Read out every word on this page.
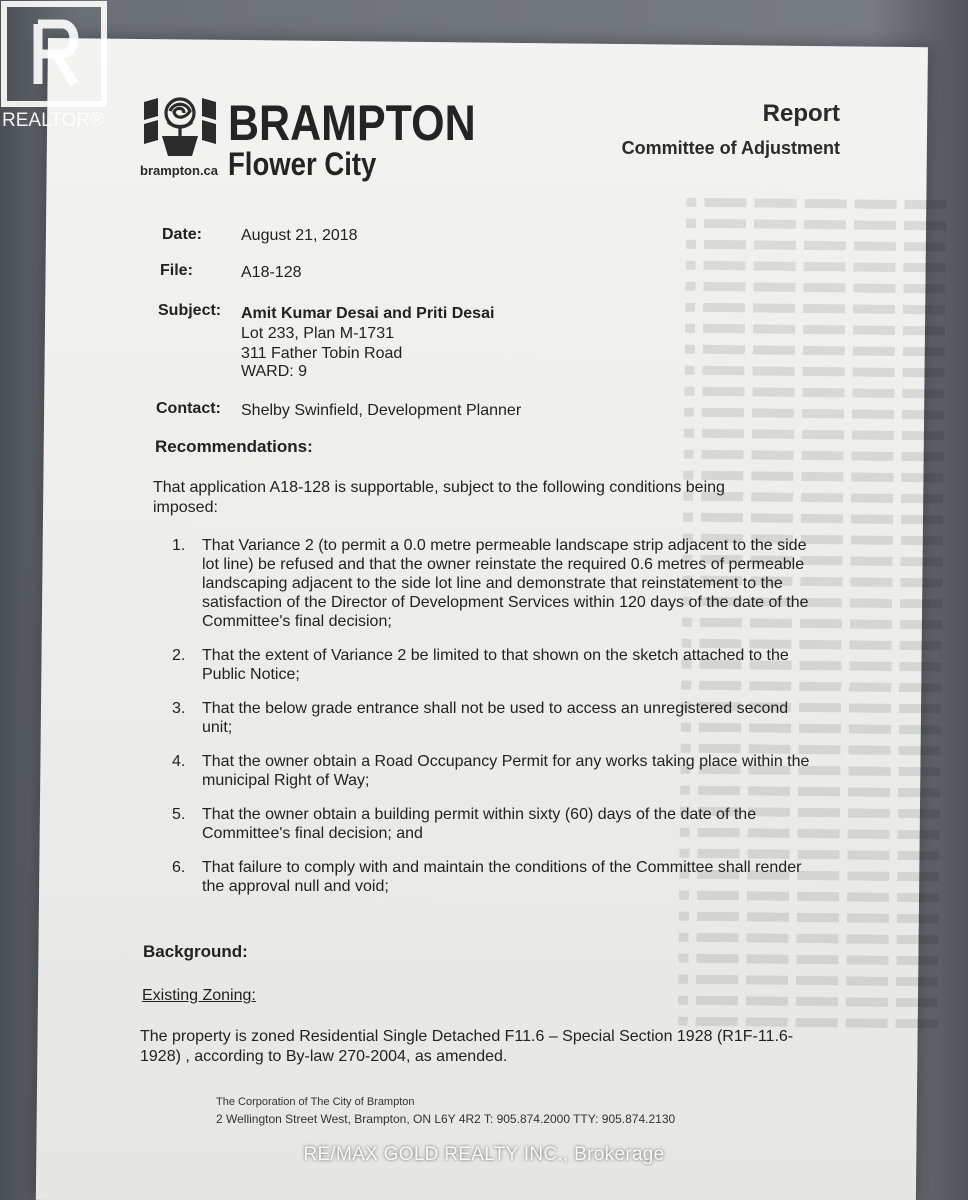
BRAMPTON
Flower City
brampton.ca
Report
Committee of Adjustment
Date: August 21, 2018
File:	A18-128
Subject: Amit Kumar Desai and Priti Desai
Lot 233, Plan M-1731
311 Father Tobin Road
WARD: 9
Contact: Shelby Swinfield, Development Planner
Recommendations:
That application A18-128 is supportable, subject to the following conditions being imposed:
1. That Variance 2 (to permit a 0.0 metre permeable landscape strip adjacent to the side lot line) be refused and that the owner reinstate the required 0.6 metres of permeable landscaping adjacent to the side lot line and demonstrate that reinstatement to the satisfaction of the Director of Development Services within 120 days of the date of the Committee's final decision;
2. That the extent of Variance 2 be limited to that shown on the sketch attached to the Public Notice;
3. That the below grade entrance shall not be used to access an unregistered second unit;
4. That the owner obtain a Road Occupancy Permit for any works taking place within the municipal Right of Way;
5. That the owner obtain a building permit within sixty (60) days of the date of the Committee's final decision; and
6. That failure to comply with and maintain the conditions of the Committee shall render the approval null and void;
Background:
Existing Zoning:
The property is zoned Residential Single Detached F11.6 – Special Section 1928 (R1F-11.6-1928) , according to By-law 270-2004, as amended.
The Corporation of The City of Brampton
2 Wellington Street West, Brampton, ON L6Y 4R2 T: 905.874.2000 TTY: 905.874.2130
REALTOR®
RE/MAX GOLD REALTY INC., Brokerage
